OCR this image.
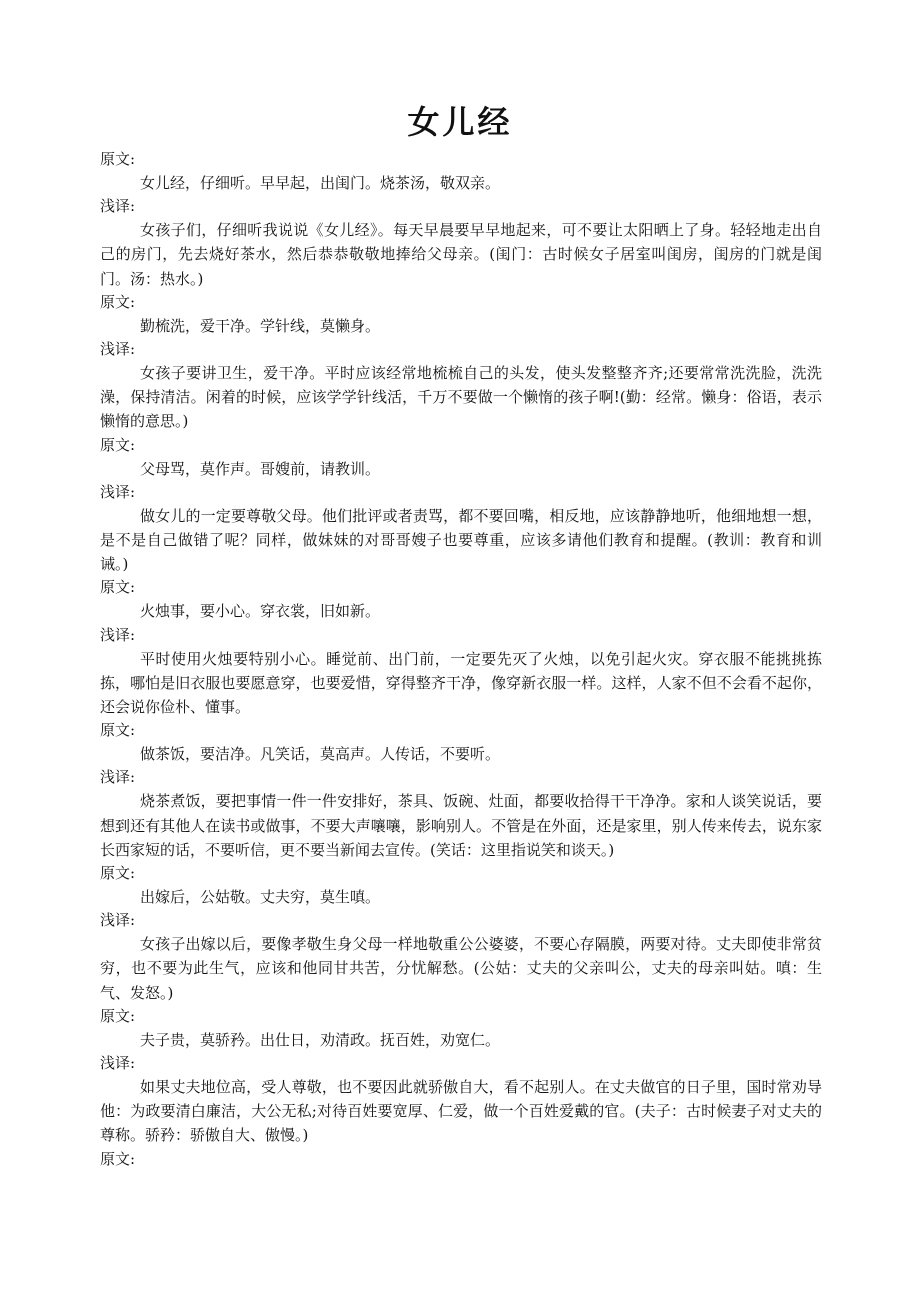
女儿经
原文:

女儿经，仔细听。早早起，出闺门。烧茶汤，敬双亲。

浅译:

女孩子们，仔细听我说说《女儿经》。每天早晨要早早地起来，可不要让太阳晒上了身。轻轻地走出自己的房门，先去烧好茶水，然后恭恭敬敬地捧给父母亲。(闺门：古时候女子居室叫闺房，闺房的门就是闺门。汤：热水。)

原文:

勤梳洗，爱干净。学针线，莫懒身。

浅译:

女孩子要讲卫生，爱干净。平时应该经常地梳梳自己的头发，使头发整整齐齐;还要常常洗洗脸，洗洗澡，保持清洁。闲着的时候，应该学学针线活，千万不要做一个懒惰的孩子啊!(勤：经常。懒身：俗语，表示懒惰的意思。)

原文:

父母骂，莫作声。哥嫂前，请教训。

浅译:

做女儿的一定要尊敬父母。他们批评或者责骂，都不要回嘴，相反地，应该静静地听，他细地想一想，是不是自己做错了呢？同样，做妹妹的对哥哥嫂子也要尊重，应该多请他们教育和提醒。(教训：教育和训诫。)

原文:

火烛事，要小心。穿衣裳，旧如新。

浅译:

平时使用火烛要特别小心。睡觉前、出门前，一定要先灭了火烛，以免引起火灾。穿衣服不能挑挑拣拣，哪怕是旧衣服也要愿意穿，也要爱惜，穿得整齐干净，像穿新衣服一样。这样，人家不但不会看不起你，还会说你俭朴、懂事。

原文:

做茶饭，要洁净。凡笑话，莫高声。人传话，不要听。

浅译:

烧茶煮饭，要把事情一件一件安排好，茶具、饭碗、灶面，都要收拾得干干净净。家和人谈笑说话，要想到还有其他人在读书或做事，不要大声嚷嚷，影响别人。不管是在外面，还是家里，别人传来传去，说东家长西家短的话，不要听信，更不要当新闻去宣传。(笑话：这里指说笑和谈天。)

原文:

出嫁后，公姑敬。丈夫穷，莫生嗔。

浅译:

女孩子出嫁以后，要像孝敬生身父母一样地敬重公公婆婆，不要心存隔膜，两要对待。丈夫即使非常贫穷，也不要为此生气，应该和他同甘共苦，分忧解愁。(公姑：丈夫的父亲叫公，丈夫的母亲叫姑。嗔：生气、发怒。)

原文:

夫子贵，莫骄矜。出仕日，劝清政。抚百姓，劝宽仁。

浅译:

如果丈夫地位高，受人尊敬，也不要因此就骄傲自大，看不起别人。在丈夫做官的日子里，国时常劝导他：为政要清白廉洁，大公无私;对待百姓要宽厚、仁爱，做一个百姓爱戴的官。(夫子：古时候妻子对丈夫的尊称。骄矜：骄傲自大、傲慢。)

原文:
